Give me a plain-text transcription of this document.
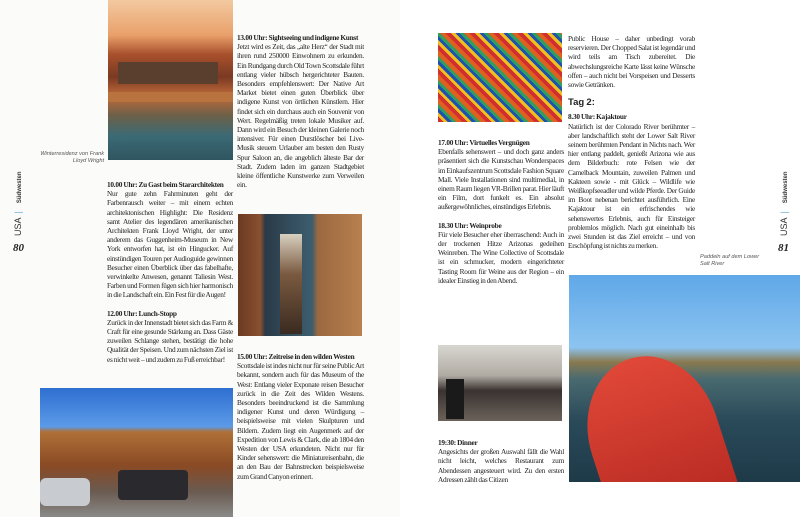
Winterresidenz von Frank Lloyd Wright
USA|Südwesten
80
10.00 Uhr: Zu Gast beim Stararchitekten
Nur gute zehn Fahrminuten geht der Farbenrausch weiter – mit einem echten architektonischen Highlight: Die Residenz samt Atelier des legendären amerikanischen Architekten Frank Lloyd Wright, der unter anderem das Guggenheim-Museum in New York entworfen hat, ist ein Hingucker. Auf einstündigen Touren per Audioguide gewinnen Besucher einen Überblick über das fabelhafte, verwinkelte Anwesen, genannt Taliesin West. Farben und Formen fügen sich hier harmonisch in die Landschaft ein. Ein Fest für die Augen!
12.00 Uhr: Lunch-Stopp
Zurück in der Innenstadt bietet sich das Farm & Craft für eine gesunde Stärkung an. Dass Gäste zuweilen Schlange stehen, bestätigt die hohe Qualität der Speisen. Und zum nächsten Ziel ist es nicht weit – und zudem zu Fuß erreichbar!
13.00 Uhr: Sightseeing und indigene Kunst
Jetzt wird es Zeit, das „alte Herz“ der Stadt mit ihren rund 250000 Einwohnern zu erkunden. Ein Rundgang durch Old Town Scottsdale führt entlang vieler hübsch hergerichteter Bauten. Besonders empfehlenswert: Der Native Art Market bietet einen guten Überblick über indigene Kunst von örtlichen Künstlern. Hier findet sich ein durchaus auch ein Souvenir von Wert. Regelmäßig treten lokale Musiker auf. Dann wird ein Besuch der kleinen Galerie noch intensiver. Für einen Durstlöscher bei Live-Musik steuern Urlauber am besten den Rusty Spur Saloon an, die angeblich älteste Bar der Stadt. Zudem laden im ganzen Stadtgebiet kleine öffentliche Kunstwerke zum Verweilen ein.
15.00 Uhr: Zeitreise in den wilden Westen
Scottsdale ist indes nicht nur für seine Public Art bekannt, sondern auch für das Museum of the West: Entlang vieler Exponate reisen Besucher zurück in die Zeit des Wilden Westens. Besonders beeindruckend ist die Sammlung indigener Kunst und deren Würdigung – beispielsweise mit vielen Skulpturen und Bildern. Zudem liegt ein Augenmerk auf der Expedition von Lewis & Clark, die ab 1804 den Westen der USA erkundeten. Nicht nur für Kinder sehenswert: die Miniatureisenbahn, die an den Bau der Bahnstrecken beispielsweise zum Grand Canyon erinnert.
17.00 Uhr: Virtuelles Vergnügen
Ebenfalls sehenswert – und doch ganz anders präsentiert sich die Kunstschau Wonderspaces im Einkaufszentrum Scottsdale Fashion Square Mall. Viele Installationen sind multimedial, in einem Raum liegen VR-Brillen parat. Hier läuft ein Film, dort funkelt es. Ein absolut außergewöhnliches, einstündiges Erlebnis.
18.30 Uhr: Weinprobe
Für viele Besucher eher überraschend: Auch in der trockenen Hitze Arizonas gedeihen Weinreben. The Wine Collective of Scottsdale ist ein schmucker, modern eingerichteter Tasting Room für Weine aus der Region – ein idealer Einstieg in den Abend.
19:30: Dinner
Angesichts der großen Auswahl fällt die Wahl nicht leicht, welches Restaurant zum Abendessen angesteuert wird. Zu den ersten Adressen zählt das Citizen
Public House – daher unbedingt vorab reservieren. Der Chopped Salat ist legendär und wird teils am Tisch zubereitet. Die abwechslungsreiche Karte lässt keine Wünsche offen – auch nicht bei Vorspeisen und Desserts sowie Getränken.
Tag 2:
8.30 Uhr: Kajaktour
Natürlich ist der Colorado River berühmter – aber landschaftlich steht der Lower Salt River seinem berühmten Pendant in Nichts nach. Wer hier entlang paddelt, genießt Arizona wie aus dem Bilderbuch: rote Felsen wie der Camelback Mountain, zuweilen Palmen und Kakteen sowie - mit Glück – Wildlife wie Weißkopfseeadler und wilde Pferde. Der Guide im Boot nebenan berichtet ausführlich. Eine Kajaktour ist ein erfrischendes wie sehenswertes Erlebnis, auch für Einsteiger problemlos möglich. Nach gut eineinhalb bis zwei Stunden ist das Ziel erreicht – und von Erschöpfung ist nichts zu merken.
Paddeln auf dem Lower Salt River
USA|Südwesten
81
